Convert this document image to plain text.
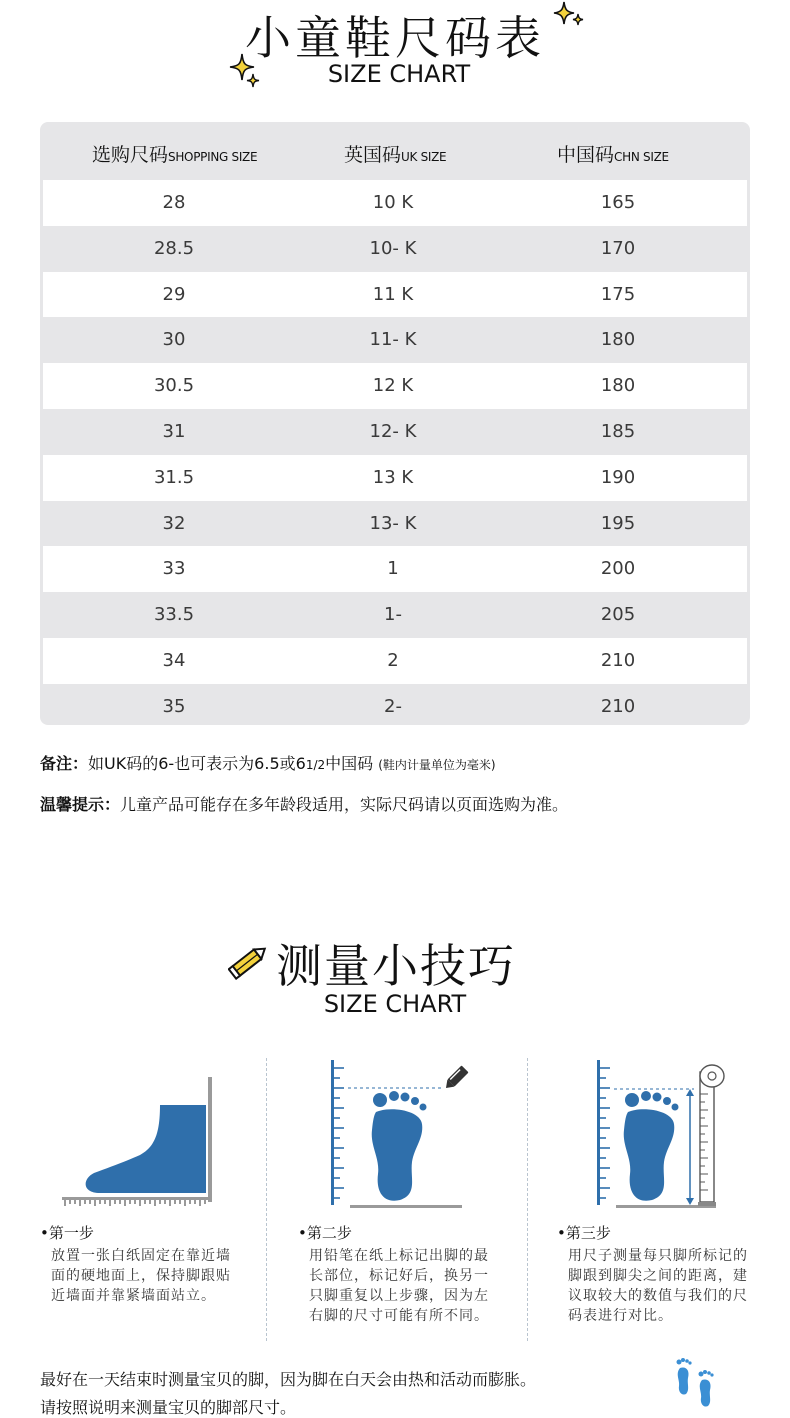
小童鞋尺码表
SIZE CHART
选购尺码SHOPPING SIZE	英国码UK SIZE	中国码CHN SIZE
28	10 K	165
28.5	10- K	170
29	11 K	175
30	11- K	180
30.5	12 K	180
31	12- K	185
31.5	13 K	190
32	13- K	195
33	1	200
33.5	1-	205
34	2	210
35	2-	210
备注：如UK码的6-也可表示为6.5或61/2中国码 (鞋内计量单位为毫米)
温馨提示：儿童产品可能存在多年龄段适用，实际尺码请以页面选购为准。
测量小技巧
SIZE CHART
•第一步
放置一张白纸固定在靠近墙面的硬地面上，保持脚跟贴近墙面并靠紧墙面站立。
•第二步
用铅笔在纸上标记出脚的最长部位，标记好后，换另一只脚重复以上步骤，因为左右脚的尺寸可能有所不同。
•第三步
用尺子测量每只脚所标记的脚跟到脚尖之间的距离，建议取较大的数值与我们的尺码表进行对比。
最好在一天结束时测量宝贝的脚，因为脚在白天会由热和活动而膨胀。
请按照说明来测量宝贝的脚部尺寸。
